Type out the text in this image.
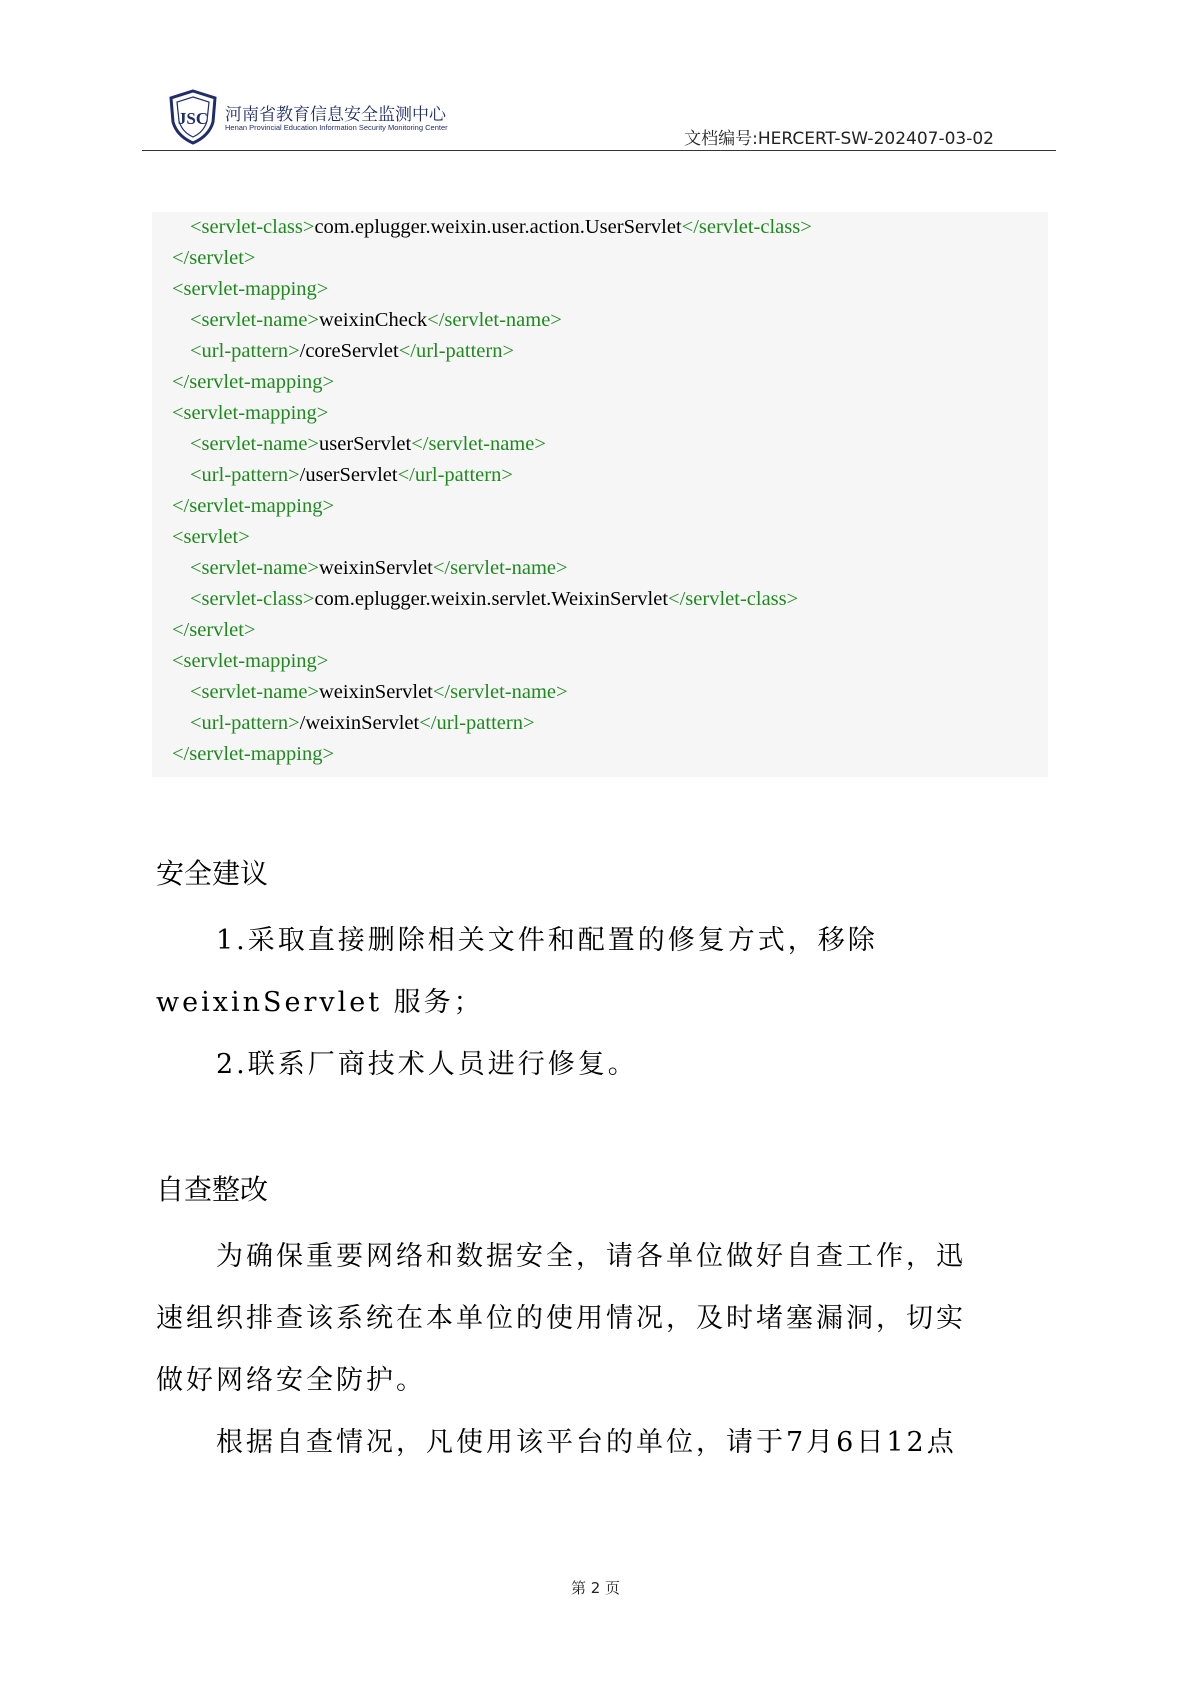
JSC 河南省教育信息安全监测中心
Henan Provincial Education Information Security Monitoring Center
文档编号:HERCERT-SW-202407-03-02
<servlet-class>com.eplugger.weixin.user.action.UserServlet</servlet-class>
</servlet>
<servlet-mapping>
<servlet-name>weixinCheck</servlet-name>
<url-pattern>/coreServlet</url-pattern>
</servlet-mapping>
<servlet-mapping>
<servlet-name>userServlet</servlet-name>
<url-pattern>/userServlet</url-pattern>
</servlet-mapping>
<servlet>
<servlet-name>weixinServlet</servlet-name>
<servlet-class>com.eplugger.weixin.servlet.WeixinServlet</servlet-class>
</servlet>
<servlet-mapping>
<servlet-name>weixinServlet</servlet-name>
<url-pattern>/weixinServlet</url-pattern>
</servlet-mapping>
安全建议
1.采取直接删除相关文件和配置的修复方式，移除
weixinServlet 服务；
2.联系厂商技术人员进行修复。
自查整改
为确保重要网络和数据安全，请各单位做好自查工作，迅
速组织排查该系统在本单位的使用情况，及时堵塞漏洞，切实
做好网络安全防护。
根据自查情况，凡使用该平台的单位，请于7月6日12点
第 2 页
